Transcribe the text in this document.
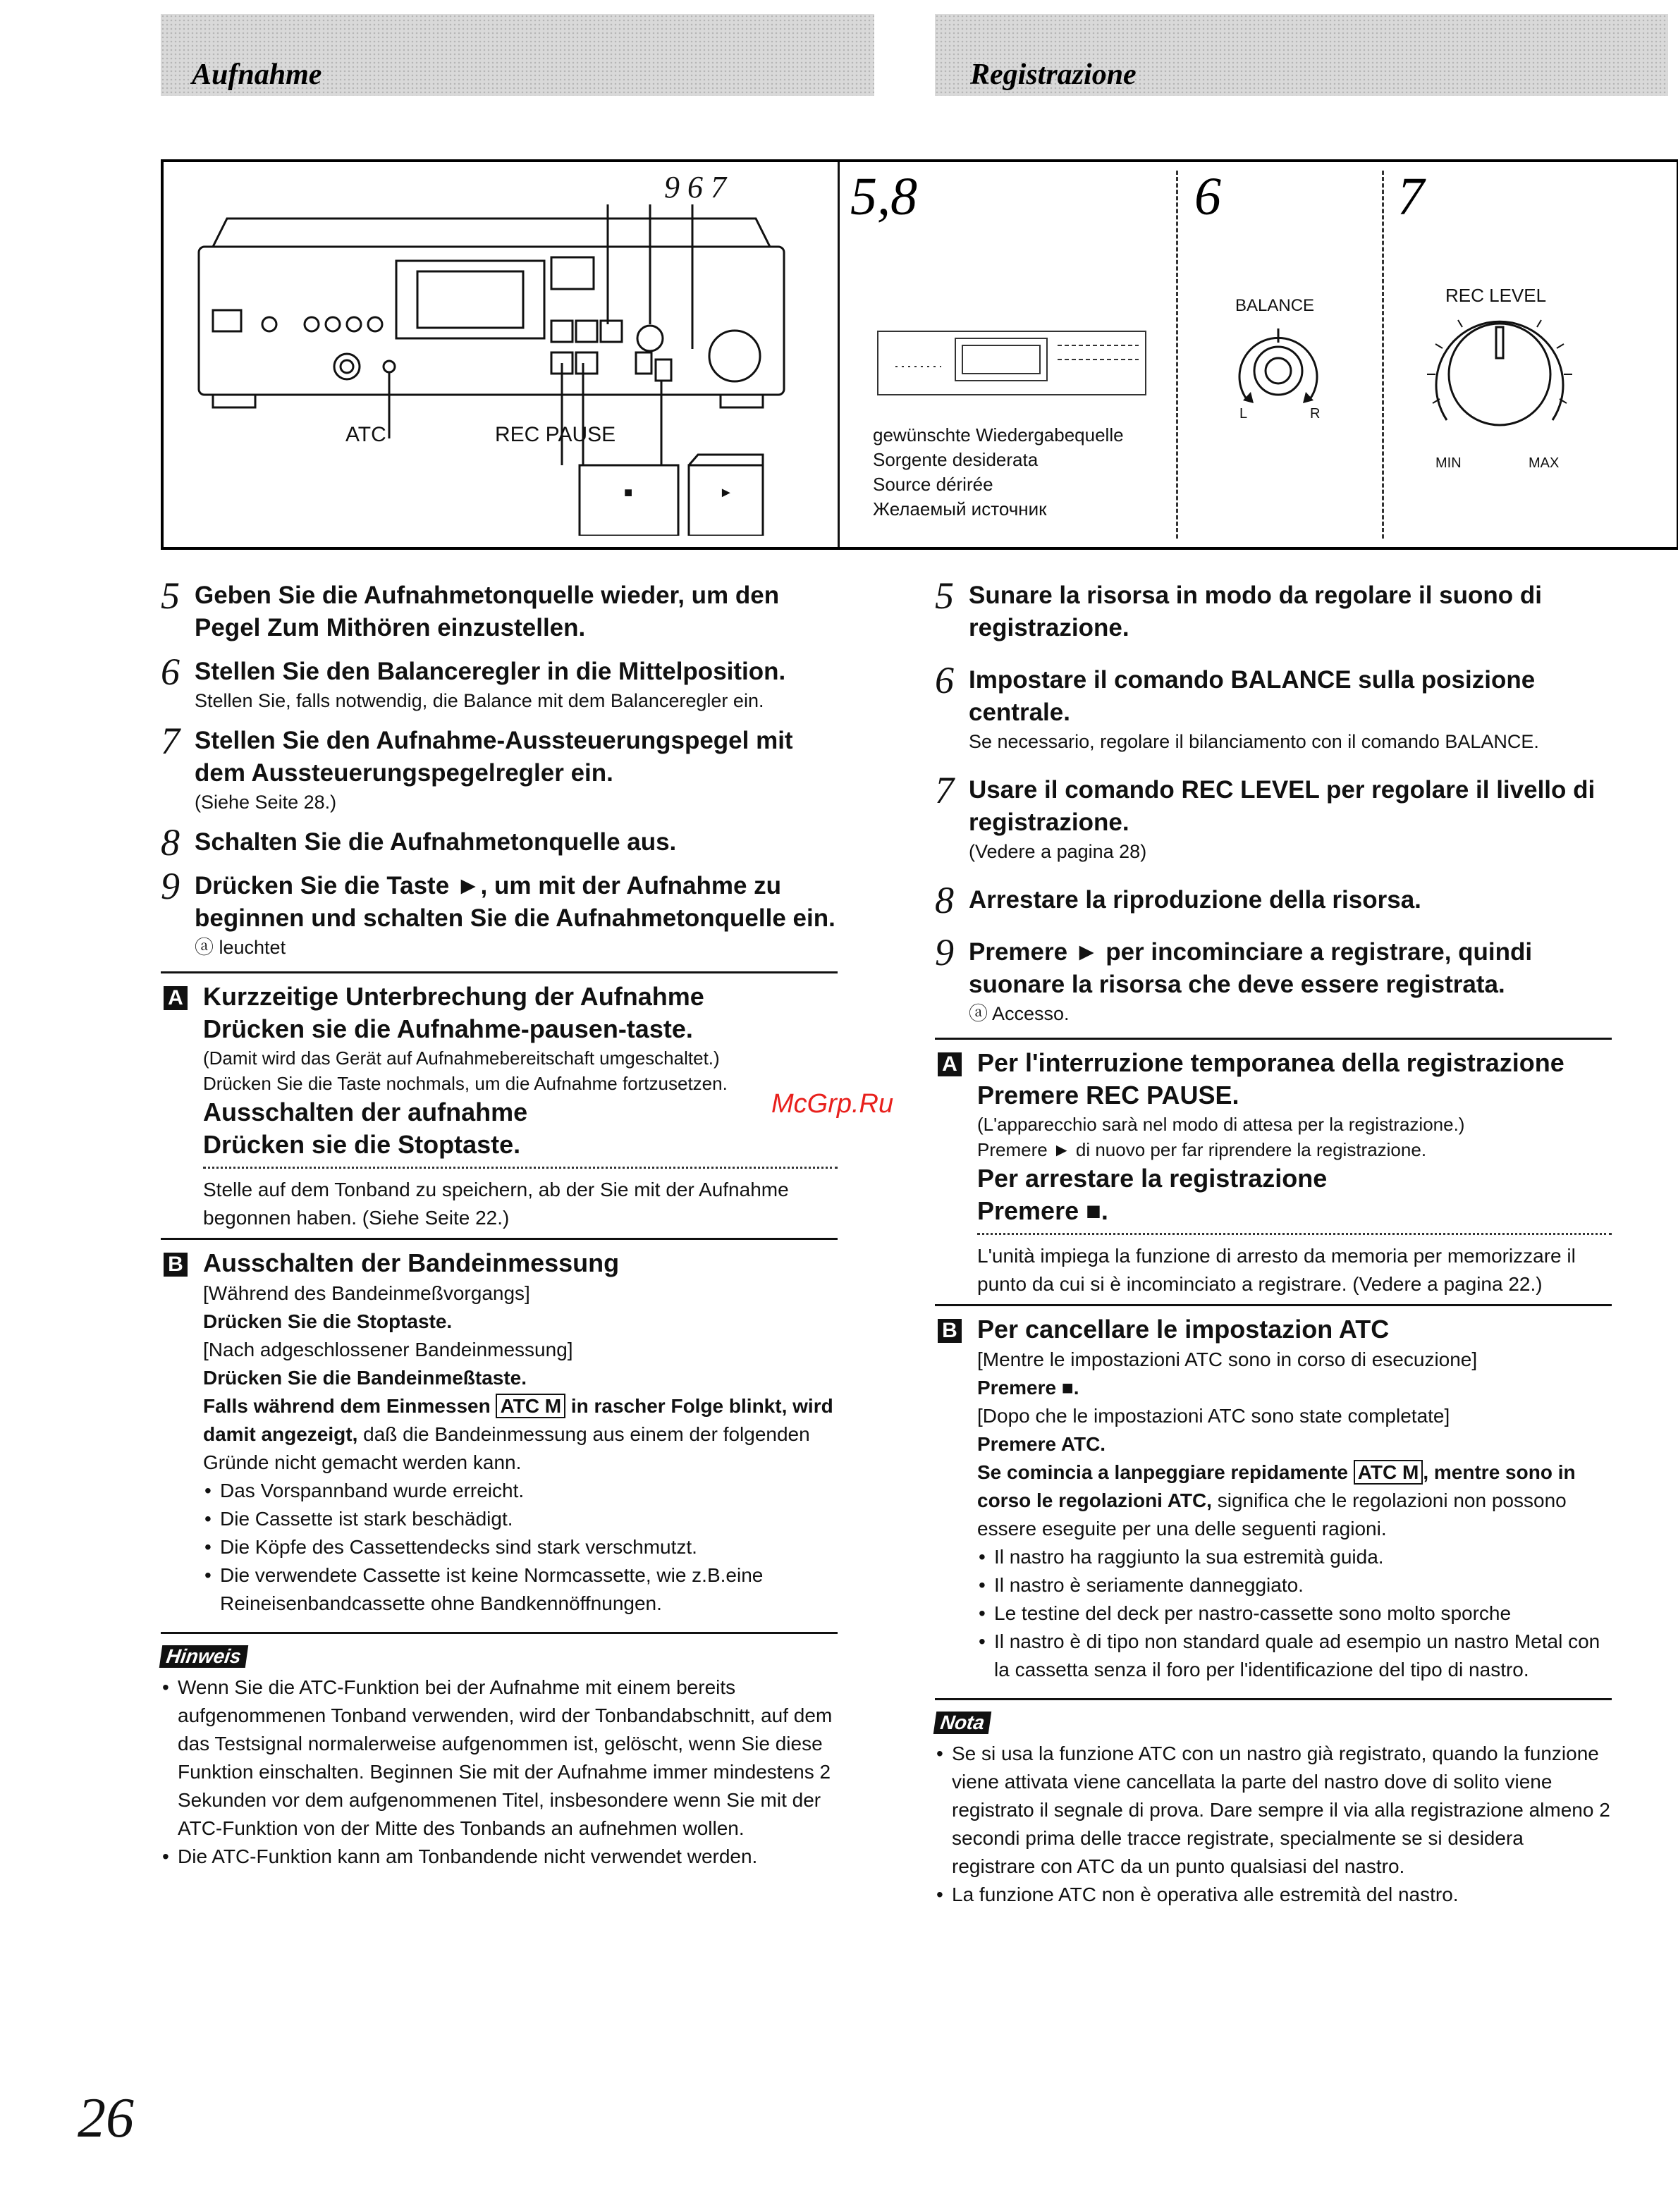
Aufnahme	Registrazione
9 6 7
ATC	REC PAUSE
■	►
5,8
gewünschte Wiedergabequelle
Sorgente desiderata
Source dérirée
Желаемый источник
6
BALANCE
L	R
7
REC LEVEL
MIN	MAX
5 Geben Sie die Aufnahmetonquelle wieder, um den Pegel Zum Mithören einzustellen.
6 Stellen Sie den Balanceregler in die Mittelposition.
Stellen Sie, falls notwendig, die Balance mit dem Balanceregler ein.
7 Stellen Sie den Aufnahme-Aussteuerungspegel mit dem Aussteuerungspegelregler ein.
(Siehe Seite 28.)
8 Schalten Sie die Aufnahmetonquelle aus.
9 Drücken Sie die Taste ►, um mit der Aufnahme zu beginnen und schalten Sie die Aufnahmetonquelle ein.
ⓐ leuchtet
A Kurzzeitige Unterbrechung der Aufnahme
Drücken sie die Aufnahme-pausen-taste.
(Damit wird das Gerät auf Aufnahmebereitschaft umgeschaltet.)
Drücken Sie die Taste nochmals, um die Aufnahme fortzusetzen.
Ausschalten der aufnahme
Drücken sie die Stoptaste.
Stelle auf dem Tonband zu speichern, ab der Sie mit der Aufnahme begonnen haben. (Siehe Seite 22.)
B Ausschalten der Bandeinmessung
[Während des Bandeinmeßvorgangs]
Drücken Sie die Stoptaste.
[Nach adgeschlossener Bandeinmessung]
Drücken Sie die Bandeinmeßtaste.
Falls während dem Einmessen ATC M in rascher Folge blinkt, wird damit angezeigt, daß die Bandeinmessung aus einem der folgenden Gründe nicht gemacht werden kann.
• Das Vorspannband wurde erreicht.
• Die Cassette ist stark beschädigt.
• Die Köpfe des Cassettendecks sind stark verschmutzt.
• Die verwendete Cassette ist keine Normcassette, wie z.B.eine Reineisenbandcassette ohne Bandkennöffnungen.
Hinweis
• Wenn Sie die ATC-Funktion bei der Aufnahme mit einem bereits aufgenommenen Tonband verwenden, wird der Tonbandabschnitt, auf dem das Testsignal normalerweise aufgenommen ist, gelöscht, wenn Sie diese Funktion einschalten. Beginnen Sie mit der Aufnahme immer mindestens 2 Sekunden vor dem aufgenommenen Titel, insbesondere wenn Sie mit der ATC-Funktion von der Mitte des Tonbands an aufnehmen wollen.
• Die ATC-Funktion kann am Tonbandende nicht verwendet werden.
5 Sunare la risorsa in modo da regolare il suono di registrazione.
6 Impostare il comando BALANCE sulla posizione centrale.
Se necessario, regolare il bilanciamento con il comando BALANCE.
7 Usare il comando REC LEVEL per regolare il livello di registrazione.
(Vedere a pagina 28)
8 Arrestare la riproduzione della risorsa.
9 Premere ► per incominciare a registrare, quindi suonare la risorsa che deve essere registrata.
ⓐ Accesso.
A Per l'interruzione temporanea della registrazione
Premere REC PAUSE.
(L'apparecchio sarà nel modo di attesa per la registrazione.)
Premere ► di nuovo per far riprendere la registrazione.
Per arrestare la registrazione
Premere ■.
L'unità impiega la funzione di arresto da memoria per memorizzare il punto da cui si è incominciato a registrare. (Vedere a pagina 22.)
B Per cancellare le impostazion ATC
[Mentre le impostazioni ATC sono in corso di esecuzione]
Premere ■.
[Dopo che le impostazioni ATC sono state completate]
Premere ATC.
Se comincia a lanpeggiare repidamente ATC M , mentre sono in corso le regolazioni ATC, significa che le regolazioni non possono essere eseguite per una delle seguenti ragioni.
• Il nastro ha raggiunto la sua estremità guida.
• Il nastro è seriamente danneggiato.
• Le testine del deck per nastro-cassette sono molto sporche
• Il nastro è di tipo non standard quale ad esempio un nastro Metal con la cassetta senza il foro per l'identificazione del tipo di nastro.
Nota
• Se si usa la funzione ATC con un nastro già registrato, quando la funzione viene attivata viene cancellata la parte del nastro dove di solito viene registrato il segnale di prova. Dare sempre il via alla registrazione almeno 2 secondi prima delle tracce registrate, specialmente se si desidera registrare con ATC da un punto qualsiasi del nastro.
• La funzione ATC non è operativa alle estremità del nastro.
McGrp.Ru
26
